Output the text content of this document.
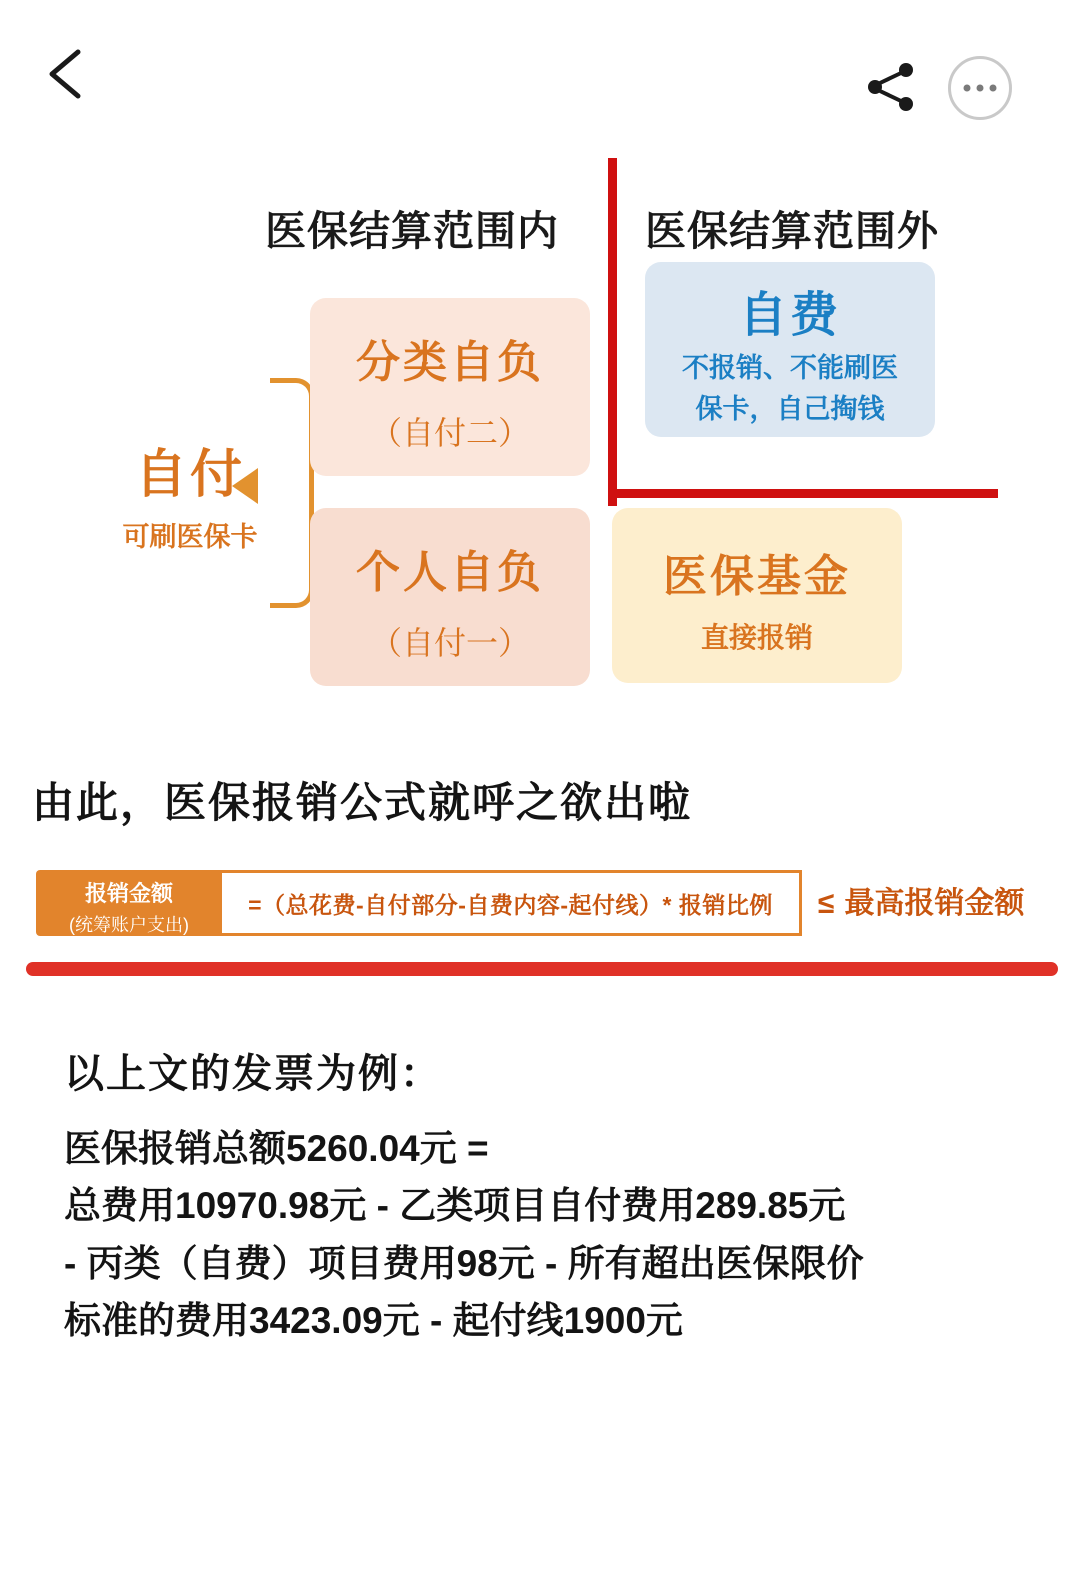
医保结算范围内 医保结算范围外
自付
可刷医保卡
分类自负
（自付二）
个人自负
（自付一）
自费
不报销、不能刷医
保卡，自己掏钱
医保基金
直接报销
由此，医保报销公式就呼之欲出啦
报销金额
(统筹账户支出)
=（总花费-自付部分-自费内容-起付线）* 报销比例	≤ 最高报销金额
以上文的发票为例：
医保报销总额5260.04元 =
总费用10970.98元 - 乙类项目自付费用289.85元
- 丙类（自费）项目费用98元 - 所有超出医保限价
标准的费用3423.09元 - 起付线1900元
